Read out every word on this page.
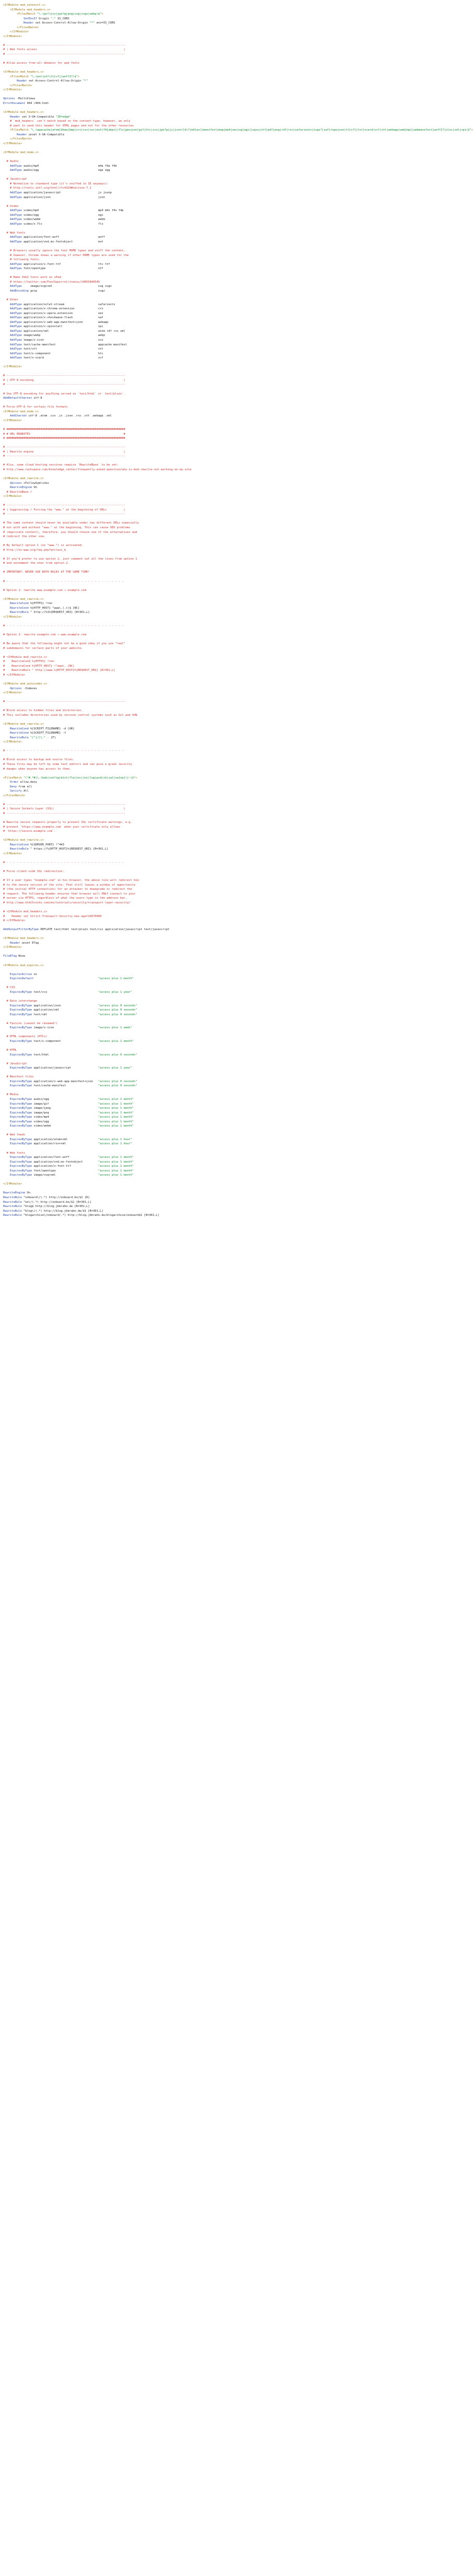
<IfModule mod_setenvif.c>
<IfModule mod_headers.c>
<FilesMatch "\.(gif|ico|jpe?g|png|svg|svgz|webp)$">
SetEnvIf Origin ":" IS_CORS
Header set Access-Control-Allow-Origin "*" env=IS_CORS
</FilesMatch>
</IfModule>
</IfModule>

# ----------------------------------------------------------------------
# | Web fonts access                                                   |
# ----------------------------------------------------------------------

# Allow access from all domains for web fonts

<IfModule mod_headers.c>
<FilesMatch "\.(eot|otf|tt[cf]|woff2?)$">
Header set Access-Control-Allow-Origin "*"
</FilesMatch>
</IfModule>

Options -MultiViews
ErrorDocument 404 /404.html

<IfModule mod_headers.c>
Header set X-UA-Compatible "IE=edge"
# `mod_headers` can't match based on the content-type, however, we only
# want to send this header for HTML pages and not for the other resources
<FilesMatch "\.(appcache|atom|bbaw|bmp|crx|css|cur|eot|f4[abpv]|flv|geojson|gif|htc|ico|jpe?g|js|json(ld)?|m4[av]|manifest|map|mp4|oex|og[agv]|opus|otf|pdf|png|rdf|rss|safariextz|svgz?|swf|topojson|tt[cf]|txt|vcard|vcf|vtt|webapp|web[mp]|webmanifest|woff2?|xloc|xml|xpi)$">
Header unset X-UA-Compatible
</FilesMatch>
</IfModule>

<IfModule mod_mime.c>

# Audio
AddType audio/mp4                                   m4a f4a f4b
AddType audio/ogg                                   oga ogg

# JavaScript
# Normalize to standard type (it's sniffed in IE anyways):
# http://tools.ietf.org/html/rfc4329#section-7.2
AddType application/javascript                      js jsonp
AddType application/json                            json

# Video
AddType video/mp4                                   mp4 m4v f4v f4p
AddType video/ogg                                   ogv
AddType video/webm                                  webm
AddType video/x-flv                                 flv

# Web fonts
AddType application/font-woff                       woff
AddType application/vnd.ms-fontobject               eot

# Browsers usually ignore the font MIME types and sniff the content,
# however, Chrome shows a warning if other MIME types are used for the
# following fonts.
AddType application/x-font-ttf                      ttc ttf
AddType font/opentype                               otf

# Make SVGZ fonts work on iPad:
# https://twitter.com/FontSquirrel/status/14855840545
AddType     image/svg+xml                           svg svgz
AddEncoding gzip                                    svgz

# Other
AddType application/octet-stream                    safariextz
AddType application/x-chrome-extension              crx
AddType application/x-opera-extension               oex
AddType application/x-shockwave-flash               swf
AddType application/x-web-app-manifest+json         webapp
AddType application/x-xpinstall                     xpi
AddType application/xml                             atom rdf rss xml
AddType image/webp                                  webp
AddType image/x-icon                                ico
AddType text/cache-manifest                         appcache manifest
AddType text/vtt                                    vtt
AddType text/x-component                            htc
AddType text/x-vcard                                vcf

</IfModule>

# ----------------------------------------------------------------------
# | UTF-8 encoding                                                     |
# ----------------------------------------------------------------------

# Use UTF-8 encoding for anything served as `text/html` or `text/plain`.
AddDefaultCharset utf-8

# Force UTF-8 for certain file formats
<IfModule mod_mime.c>
AddCharset utf-8 .atom .css .js .json .rss .vtt .webapp .xml
</IfModule>

# ######################################################################
# # URL REWRITES                                                       #
# ######################################################################

# ----------------------------------------------------------------------
# | Rewrite engine                                                     |
# ----------------------------------------------------------------------

# Also, some cloud hosting services require `RewriteBase` to be set:
# http://www.rackspace.com/knowledge_center/frequently-asked-question/why-is-mod-rewrite-not-working-on-my-site

<IfModule mod_rewrite.c>
Options +FollowSymlinks
RewriteEngine On
# RewriteBase /
</IfModule>

# ----------------------------------------------------------------------
# | Suppressing / Forcing the "www." at the beginning of URLs          |
# ----------------------------------------------------------------------

# The same content should never be available under two different URLs especially
# not with and without "www." at the beginning. This can cause SEO problems
# (duplicate content), therefore, you should choose one of the alternatives and
# redirect the other one.

# By default option 1 (no "www.") is activated:
# http://no-www.org/faq.php?q=class_b

# If you'd prefer to use option 2, just comment out all the lines from option 1
# and uncomment the ones from option 2.

# IMPORTANT: NEVER USE BOTH RULES AT THE SAME TIME!

# - - - - - - - - - - - - - - - - - - - - - - - - - - - - - - - - - - -

# Option 1: rewrite www.example.com → example.com

<IfModule mod_rewrite.c>
RewriteCond %{HTTPS} !=on
RewriteCond %{HTTP_HOST} ^www\.(.+)$ [NC]
RewriteRule ^ http://%1%{REQUEST_URI} [R=301,L]
</IfModule>

# - - - - - - - - - - - - - - - - - - - - - - - - - - - - - - - - - - -

# Option 2: rewrite example.com → www.example.com

# Be aware that the following might not be a good idea if you use "real"
# subdomains for certain parts of your website.

# <IfModule mod_rewrite.c>
#    RewriteCond %{HTTPS} !=on
#    RewriteCond %{HTTP_HOST} !^www\. [NC]
#    RewriteRule ^ http://www.%{HTTP_HOST}%{REQUEST_URI} [R=301,L]
# </IfModule>

<IfModule mod_autoindex.c>
Options -Indexes
</IfModule>

# ----------------------------------------------------------------------

# Block access to hidden files and directories.
# This includes directories used by version control systems such as Git and SVN.

<IfModule mod_rewrite.c>
RewriteCond %{SCRIPT_FILENAME} -d [OR]
RewriteCond %{SCRIPT_FILENAME} -f
RewriteRule "(^|/)\." - [F]
</IfModule>

# - - - - - - - - - - - - - - - - - - - - - - - - - - - - - - - - - - -

# Block access to backup and source files.
# These files may be left by some text editors and can pose a great security
# danger when anyone has access to them.

<FilesMatch "(^#.*#|\.(bak|config|dist|fla|inc|ini|log|psd|sh|sql|sw[op])|~)$">
Order allow,deny
Deny from all
Satisfy All
</FilesMatch>

# ----------------------------------------------------------------------
# | Secure Sockets Layer (SSL)                                         |
# ----------------------------------------------------------------------

# Rewrite secure requests properly to prevent SSL certificate warnings, e.g.
# prevent `https://www.example.com` when your certificate only allows
# `https://secure.example.com`.

<IfModule mod_rewrite.c>
RewriteCond %{SERVER_PORT} !^443
RewriteRule ^ https://%{HTTP_HOST}%{REQUEST_URI} [R=301,L]
</IfModule>

# - - - - - - - - - - - - - - - - - - - - - - - - - - - - - - - - - - -

# Force client-side SSL redirection.

# If a user types "example.com" in his browser, the above rule will redirect him
# to the secure version of the site. That still leaves a window of opportunity
# (the initial HTTP connection) for an attacker to downgrade or redirect the
# request. The following header ensures that browser will ONLY connect to your
# server via HTTPS, regardless of what the users type in the address bar.
# http://www.html5rocks.com/en/tutorials/security/transport-layer-security/

# <IfModule mod_headers.c>
#    Header set Strict-Transport-Security max-age=16070400
# </IfModule>

AddOutputFilterByType DEFLATE text/html text/plain text/css application/javascript text/javascript

<IfModule mod_headers.c>
Header unset ETag
</IfModule>

FileETag None

<IfModule mod_expires.c>

ExpiresActive on
ExpiresDefault	"access plus 1 month"

# CSS
ExpiresByType text/css                              "access plus 1 year"

# Data interchange
ExpiresByType application/json                      "access plus 0 seconds"
ExpiresByType application/xml                       "access plus 0 seconds"
ExpiresByType text/xml                              "access plus 0 seconds"

# Favicon (cannot be renamed!)
ExpiresByType image/x-icon                          "access plus 1 week"

# HTML components (HTCs)
ExpiresByType text/x-component                      "access plus 1 month"

# HTML
ExpiresByType text/html                             "access plus 0 seconds"

# JavaScript
ExpiresByType application/javascript                "access plus 1 year"

# Manifest files
ExpiresByType application/x-web-app-manifest+json   "access plus 0 seconds"
ExpiresByType text/cache-manifest                   "access plus 0 seconds"

# Media
ExpiresByType audio/ogg                             "access plus 1 month"
ExpiresByType image/gif                             "access plus 1 month"
ExpiresByType image/jpeg                            "access plus 1 month"
ExpiresByType image/png                             "access plus 1 month"
ExpiresByType video/mp4                             "access plus 1 month"
ExpiresByType video/ogg                             "access plus 1 month"
ExpiresByType video/webm                            "access plus 1 month"

# Web feeds
ExpiresByType application/atom+xml                  "access plus 1 hour"
ExpiresByType application/rss+xml                   "access plus 1 hour"

# Web fonts
ExpiresByType application/font-woff                 "access plus 1 month"
ExpiresByType application/vnd.ms-fontobject         "access plus 1 month"
ExpiresByType application/x-font-ttf                "access plus 1 month"
ExpiresByType font/opentype                         "access plus 1 month"
ExpiresByType image/svg+xml                         "access plus 1 month"

</IfModule>

RewriteEngine On
RewriteRule ^onboard\/(.*) http://onboard.bo/$1 [R]
RewriteRule ^en\/(.*) http://onboard.bo/$1 [R=301,L]
RewriteRule ^blog$ http://blog.jbbrahn.de [R=301,L]
RewriteRule ^blog\/(.*) http://blog.jbbrahn.de/$1 [R=301,L]
RewriteRule ^blogarchive\/onboard(.*) http://blog.jbbrahn.de/blogarchive/onboard$1 [R=301,L]
